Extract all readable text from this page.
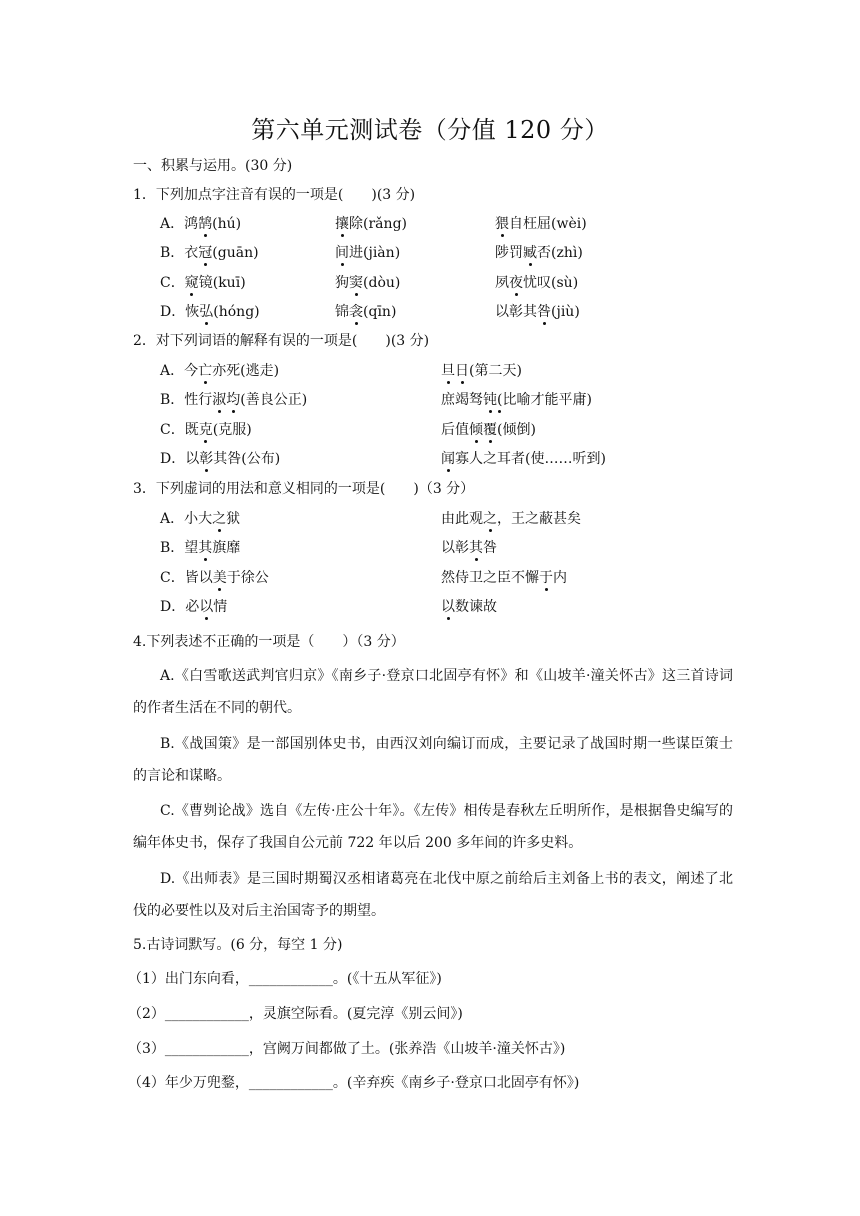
第六单元测试卷（分值 120 分）
一、积累与运用。(30 分)
1．下列加点字注音有误的一项是(　　)(3 分)
A．鸿鹄(hú)	攘除(rǎng)	猥自枉屈(wèi)
B．衣冠(guān)	间进(jiàn)	陟罚臧否(zhì)
C．窥镜(kuī)	狗窦(dòu)	夙夜忧叹(sù)
D．恢弘(hóng)	锦衾(qīn)	以彰其咎(jiù)
2．对下列词语的解释有误的一项是(　　)(3 分)
A．今亡亦死(逃走)	旦日(第二天)
B．性行淑均(善良公正)	庶竭驽钝(比喻才能平庸)
C．既克(克服)	后值倾覆(倾倒)
D．以彰其咎(公布)	闻寡人之耳者(使……听到)
3．下列虚词的用法和意义相同的一项是(　　)（3 分）
A．小大之狱	由此观之，王之蔽甚矣
B．望其旗靡	以彰其咎
C．皆以美于徐公	然侍卫之臣不懈于内
D．必以情	以数谏故
4.下列表述不正确的一项是（　　）（3 分）
A.《白雪歌送武判官归京》《南乡子·登京口北固亭有怀》和《山坡羊·潼关怀古》这三首诗词的作者生活在不同的朝代。
B.《战国策》是一部国别体史书，由西汉刘向编订而成，主要记录了战国时期一些谋臣策士的言论和谋略。
C.《曹刿论战》选自《左传·庄公十年》。《左传》相传是春秋左丘明所作，是根据鲁史编写的编年体史书，保存了我国自公元前 722 年以后 200 多年间的许多史料。
D.《出师表》是三国时期蜀汉丞相诸葛亮在北伐中原之前给后主刘备上书的表文，阐述了北伐的必要性以及对后主治国寄予的期望。
5.古诗词默写。(6 分，每空 1 分)
（1）出门东向看，____________。(《十五从军征》)
（2）____________，灵旗空际看。(夏完淳《别云间》)
（3）____________，宫阙万间都做了土。(张养浩《山坡羊·潼关怀古》)
（4）年少万兜鍪，____________。(辛弃疾《南乡子·登京口北固亭有怀》)
